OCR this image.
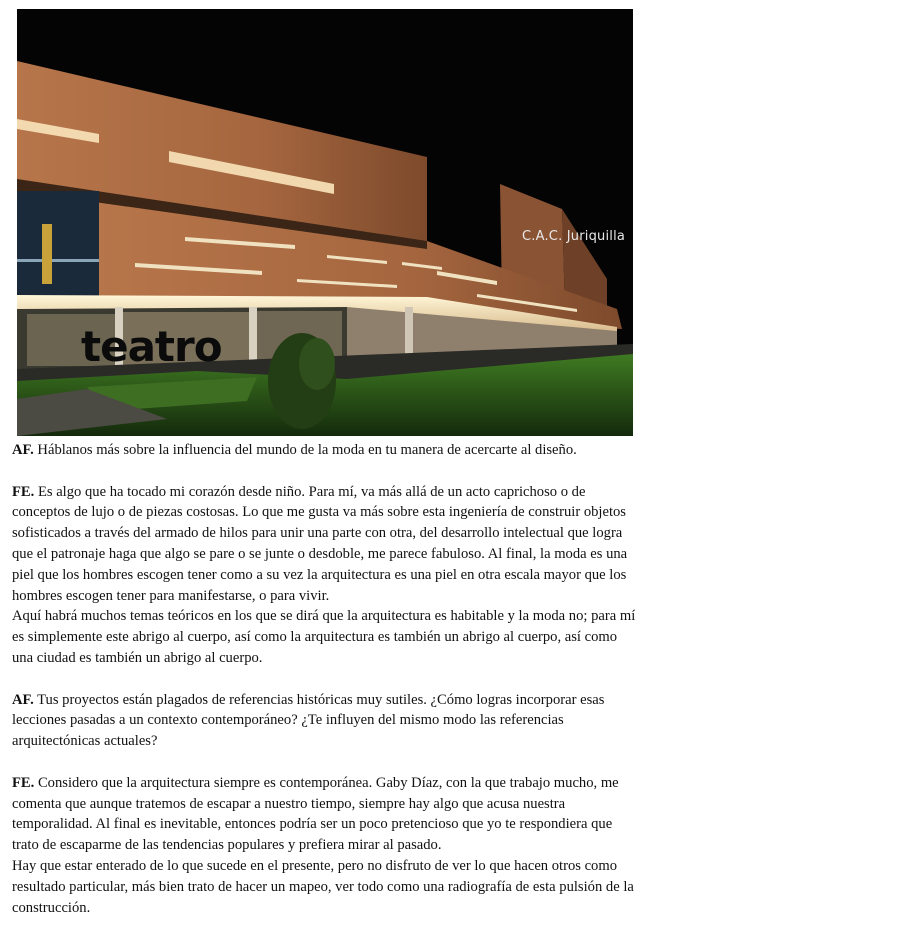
C.A.C. Juriquilla
teatro

AF. Háblanos más sobre la influencia del mundo de la moda en tu manera de acercarte al diseño.

FE. Es algo que ha tocado mi corazón desde niño. Para mí, va más allá de un acto caprichoso o de conceptos de lujo o de piezas costosas. Lo que me gusta va más sobre esta ingeniería de construir objetos sofisticados a través del armado de hilos para unir una parte con otra, del desarrollo intelectual que logra que el patronaje haga que algo se pare o se junte o desdoble, me parece fabuloso. Al final, la moda es una piel que los hombres escogen tener como a su vez la arquitectura es una piel en otra escala mayor que los hombres escogen tener para manifestarse, o para vivir.

Aquí habrá muchos temas teóricos en los que se dirá que la arquitectura es habitable y la moda no; para mí es simplemente este abrigo al cuerpo, así como la arquitectura es también un abrigo al cuerpo, así como una ciudad es también un abrigo al cuerpo.

AF. Tus proyectos están plagados de referencias históricas muy sutiles. ¿Cómo logras incorporar esas lecciones pasadas a un contexto contemporáneo? ¿Te influyen del mismo modo las referencias arquitectónicas actuales?

FE. Considero que la arquitectura siempre es contemporánea. Gaby Díaz, con la que trabajo mucho, me comenta que aunque tratemos de escapar a nuestro tiempo, siempre hay algo que acusa nuestra temporalidad. Al final es inevitable, entonces podría ser un poco pretencioso que yo te respondiera que trato de escaparme de las tendencias populares y prefiera mirar al pasado.

Hay que estar enterado de lo que sucede en el presente, pero no disfruto de ver lo que hacen otros como resultado particular, más bien trato de hacer un mapeo, ver todo como una radiografía de esta pulsión de la construcción.
